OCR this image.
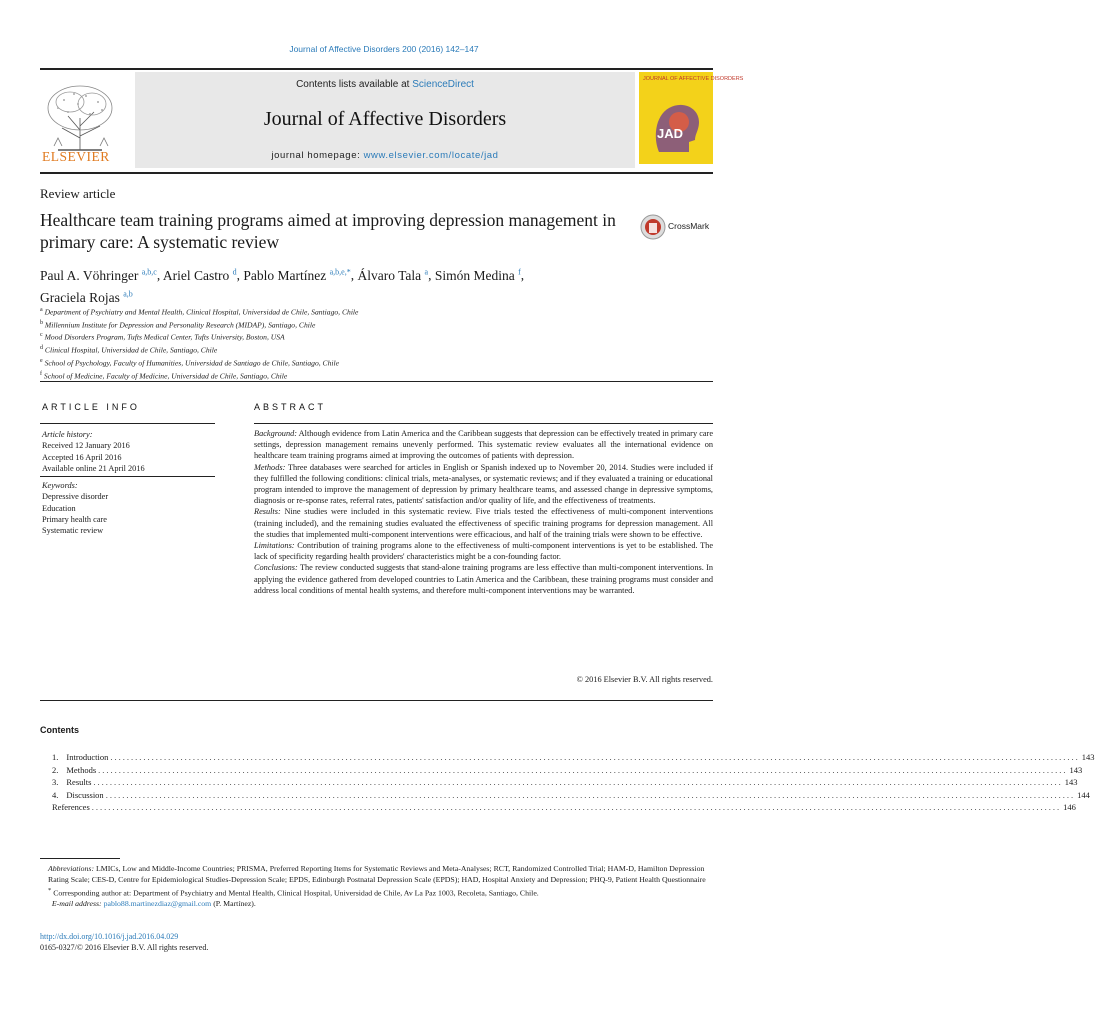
Journal of Affective Disorders 200 (2016) 142–147
ELSEVIER
Contents lists available at ScienceDirect
Journal of Affective Disorders
journal homepage: www.elsevier.com/locate/jad
JOURNAL OF AFFECTIVE DISORDERS
JAD
Review article
Healthcare team training programs aimed at improving depression management in primary care: A systematic review
CrossMark
Paul A. Vöhringer $^{a,b,c}$, Ariel Castro $^d$, Pablo Martínez $^{a,b,e,*}$, Álvaro Tala $^a$, Simón Medina $^f$,
Graciela Rojas $^{a,b}$
$^a$ Department of Psychiatry and Mental Health, Clinical Hospital, Universidad de Chile, Santiago, Chile
$^b$ Millennium Institute for Depression and Personality Research (MIDAP), Santiago, Chile
$^c$ Mood Disorders Program, Tufts Medical Center, Tufts University, Boston, USA
$^d$ Clinical Hospital, Universidad de Chile, Santiago, Chile
$^e$ School of Psychology, Faculty of Humanities, Universidad de Santiago de Chile, Santiago, Chile
$^f$ School of Medicine, Faculty of Medicine, Universidad de Chile, Santiago, Chile
ARTICLE INFO
Article history:
Received 12 January 2016
Accepted 16 April 2016
Available online 21 April 2016
Keywords:
Depressive disorder
Education
Primary health care
Systematic review
ABSTRACT

Background: Although evidence from Latin America and the Caribbean suggests that depression can be effectively treated in primary care settings, depression management remains unevenly performed. This systematic review evaluates all the international evidence on healthcare team training programs aimed at improving the outcomes of patients with depression.

Methods: Three databases were searched for articles in English or Spanish indexed up to November 20, 2014. Studies were included if they fulfilled the following conditions: clinical trials, meta-analyses, or systematic reviews; and if they evaluated a training or educational program intended to improve the management of depression by primary healthcare teams, and assessed change in depressive symptoms, diagnosis or re-sponse rates, referral rates, patients' satisfaction and/or quality of life, and the effectiveness of treatments.

Results: Nine studies were included in this systematic review. Five trials tested the effectiveness of multi-component interventions (training included), and the remaining studies evaluated the effectiveness of specific training programs for depression management. All the studies that implemented multi-component interventions were efficacious, and half of the training trials were shown to be effective.

Limitations: Contribution of training programs alone to the effectiveness of multi-component interventions is yet to be established. The lack of specificity regarding health providers' characteristics might be a con-founding factor.

Conclusions: The review conducted suggests that stand-alone training programs are less effective than multi-component interventions. In applying the evidence gathered from developed countries to Latin America and the Caribbean, these training programs must consider and address local conditions of mental health systems, and therefore multi-component interventions may be warranted.

© 2016 Elsevier B.V. All rights reserved.
Contents
1. Introduction ........................................................................................................................................................................................................................................... 143
2. Methods ........................................................................................................................................................................................................................................... 143
3. Results ........................................................................................................................................................................................................................................... 143
4. Discussion ........................................................................................................................................................................................................................................... 144
References ........................................................................................................................................................................................................................................... 146

Abbreviations: LMICs, Low and Middle-Income Countries; PRISMA, Preferred Reporting Items for Systematic Reviews and Meta-Analyses; RCT, Randomized Controlled Trial; HAM-D, Hamilton Depression Rating Scale; CES-D, Centre for Epidemiological Studies-Depression Scale; EPDS, Edinburgh Postnatal Depression Scale (EPDS); HAD, Hospital Anxiety and Depression; PHQ-9, Patient Health Questionnaire

* Corresponding author at: Department of Psychiatry and Mental Health, Clinical Hospital, Universidad de Chile, Av La Paz 1003, Recoleta, Santiago, Chile.

E-mail address: pablo88.martinezdiaz@gmail.com (P. Martínez).

http://dx.doi.org/10.1016/j.jad.2016.04.029
0165-0327/© 2016 Elsevier B.V. All rights reserved.
